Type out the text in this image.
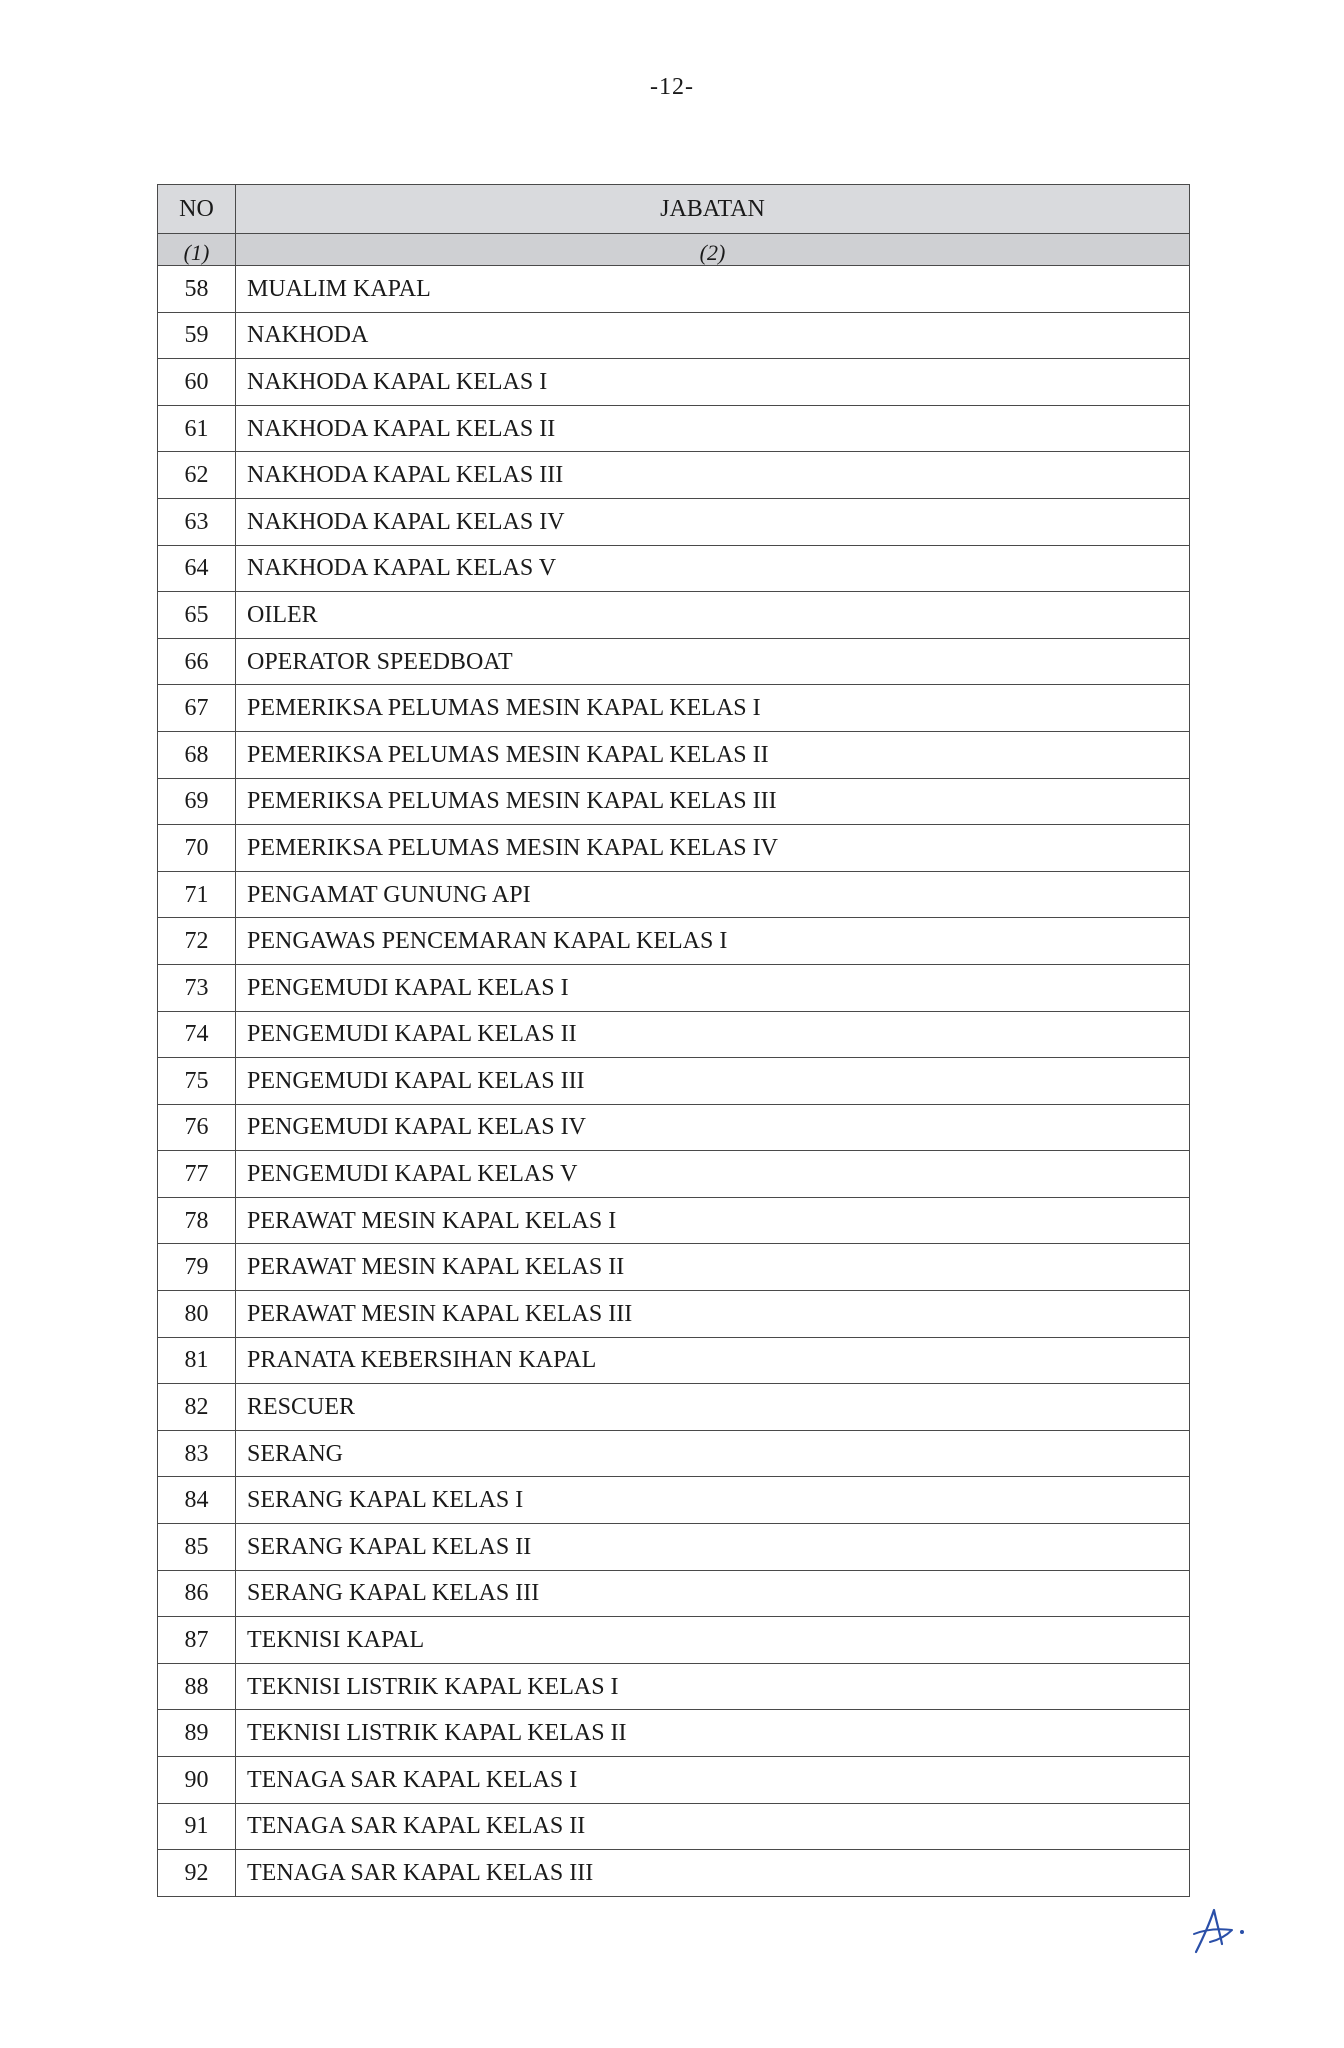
-12-
NO	JABATAN
(1)	(2)
58	MUALIM KAPAL
59	NAKHODA
60	NAKHODA KAPAL KELAS I
61	NAKHODA KAPAL KELAS II
62	NAKHODA KAPAL KELAS III
63	NAKHODA KAPAL KELAS IV
64	NAKHODA KAPAL KELAS V
65	OILER
66	OPERATOR SPEEDBOAT
67	PEMERIKSA PELUMAS MESIN KAPAL KELAS I
68	PEMERIKSA PELUMAS MESIN KAPAL KELAS II
69	PEMERIKSA PELUMAS MESIN KAPAL KELAS III
70	PEMERIKSA PELUMAS MESIN KAPAL KELAS IV
71	PENGAMAT GUNUNG API
72	PENGAWAS PENCEMARAN KAPAL KELAS I
73	PENGEMUDI KAPAL KELAS I
74	PENGEMUDI KAPAL KELAS II
75	PENGEMUDI KAPAL KELAS III
76	PENGEMUDI KAPAL KELAS IV
77	PENGEMUDI KAPAL KELAS V
78	PERAWAT MESIN KAPAL KELAS I
79	PERAWAT MESIN KAPAL KELAS II
80	PERAWAT MESIN KAPAL KELAS III
81	PRANATA KEBERSIHAN KAPAL
82	RESCUER
83	SERANG
84	SERANG KAPAL KELAS I
85	SERANG KAPAL KELAS II
86	SERANG KAPAL KELAS III
87	TEKNISI KAPAL
88	TEKNISI LISTRIK KAPAL KELAS I
89	TEKNISI LISTRIK KAPAL KELAS II
90	TENAGA SAR KAPAL KELAS I
91	TENAGA SAR KAPAL KELAS II
92	TENAGA SAR KAPAL KELAS III
